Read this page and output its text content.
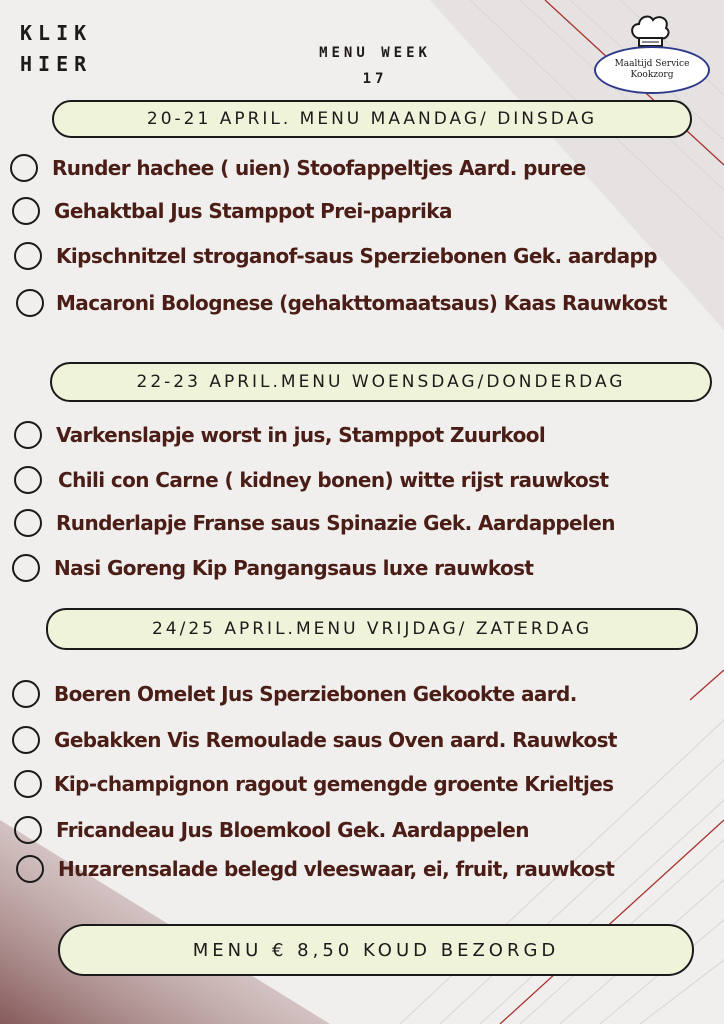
KLIK
HIER	MENU WEEK
17
Maaltijd Service
Kookzorg
20-21 APRIL. MENU MAANDAG/ DINSDAG
Runder hachee ( uien) Stoofappeltjes Aard. puree
Gehaktbal Jus Stamppot Prei-paprika
Kipschnitzel stroganof-saus Sperziebonen Gek. aardapp
Macaroni Bolognese (gehakttomaatsaus) Kaas Rauwkost
22-23 APRIL.MENU WOENSDAG/DONDERDAG
Varkenslapje worst in jus, Stamppot Zuurkool
Chili con Carne ( kidney bonen) witte rijst rauwkost
Runderlapje Franse saus Spinazie Gek. Aardappelen
Nasi Goreng Kip Pangangsaus luxe rauwkost
24/25 APRIL.MENU VRIJDAG/ ZATERDAG
Boeren Omelet Jus Sperziebonen Gekookte aard.
Gebakken Vis Remoulade saus Oven aard. Rauwkost
Kip-champignon ragout gemengde groente Krieltjes
Fricandeau Jus Bloemkool Gek. Aardappelen
Huzarensalade belegd vleeswaar, ei, fruit, rauwkost
MENU € 8,50 KOUD BEZORGD
